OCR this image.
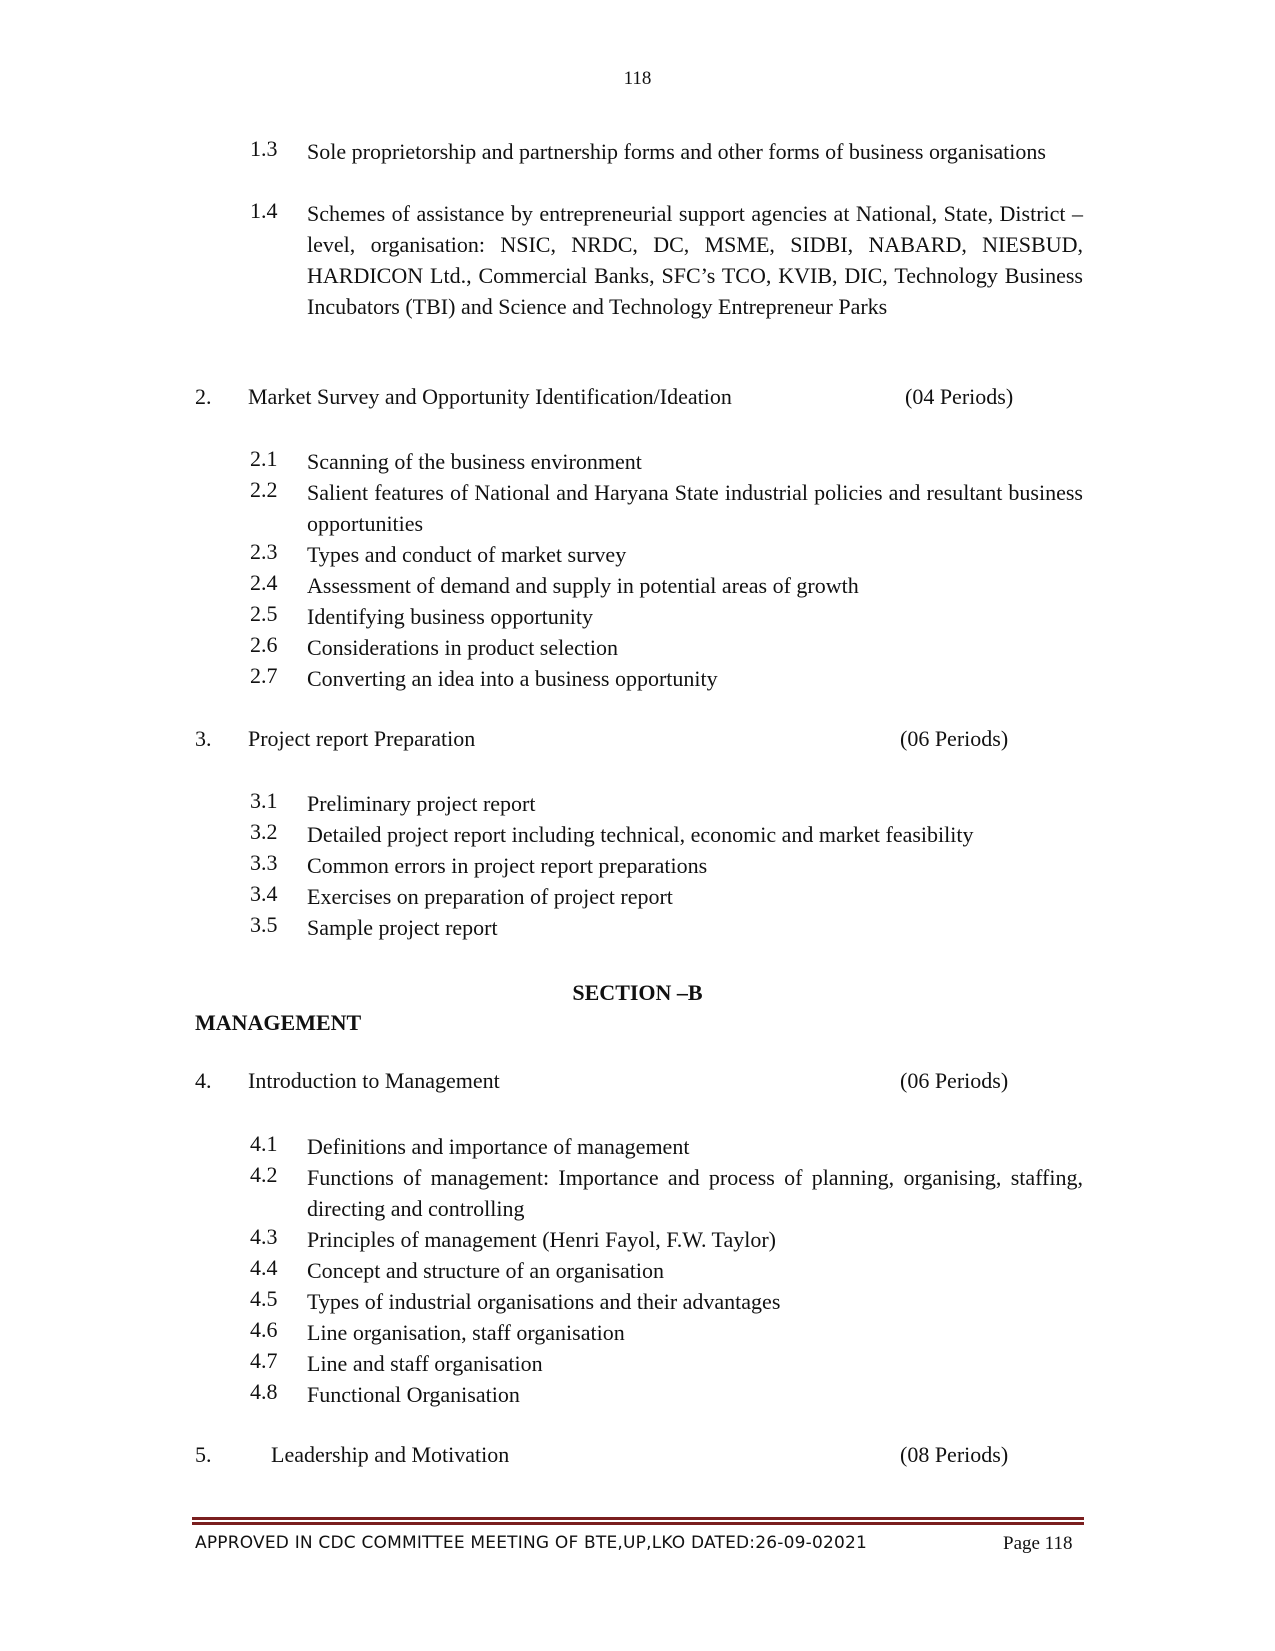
118
1.3 Sole proprietorship and partnership forms and other forms of business organisations
1.4 Schemes of assistance by entrepreneurial support agencies at National, State, District –level, organisation: NSIC, NRDC, DC, MSME, SIDBI, NABARD, NIESBUD, HARDICON Ltd., Commercial Banks, SFC’s TCO, KVIB, DIC, Technology Business Incubators (TBI) and Science and Technology Entrepreneur Parks
2. Market Survey and Opportunity Identification/Ideation	(04 Periods)
2.1 Scanning of the business environment
2.2 Salient features of National and Haryana State industrial policies and resultant business opportunities
2.3 Types and conduct of market survey
2.4 Assessment of demand and supply in potential areas of growth
2.5 Identifying business opportunity
2.6 Considerations in product selection
2.7 Converting an idea into a business opportunity
3. Project report Preparation	(06 Periods)
3.1 Preliminary project report
3.2 Detailed project report including technical, economic and market feasibility
3.3 Common errors in project report preparations
3.4 Exercises on preparation of project report
3.5 Sample project report
SECTION –B
MANAGEMENT
4. Introduction to Management	(06 Periods)
4.1 Definitions and importance of management
4.2 Functions of management: Importance and process of planning, organising, staffing, directing and controlling
4.3 Principles of management (Henri Fayol, F.W. Taylor)
4.4 Concept and structure of an organisation
4.5 Types of industrial organisations and their advantages
4.6 Line organisation, staff organisation
4.7 Line and staff organisation
4.8 Functional Organisation
5.	Leadership and Motivation	(08 Periods)
APPROVED IN CDC COMMITTEE MEETING OF BTE,UP,LKO DATED:26-09-02021	Page 118
